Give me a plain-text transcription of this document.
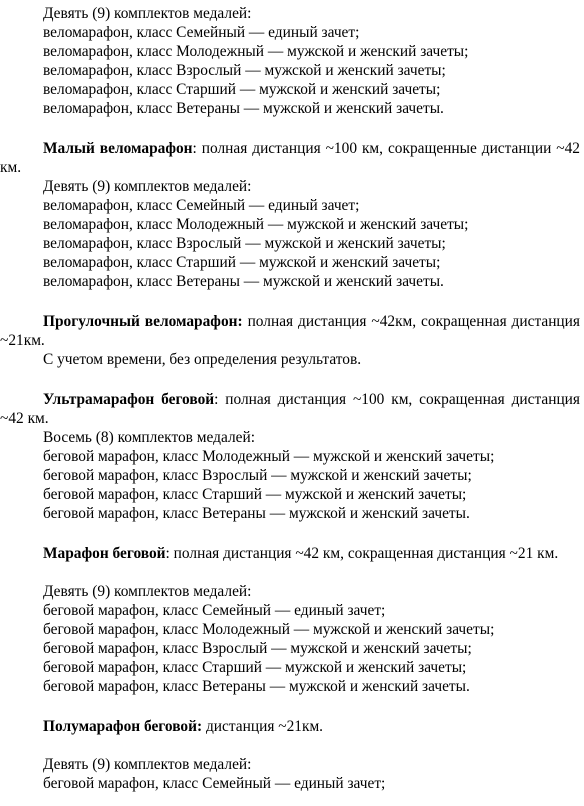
Девять (9) комплектов медалей:
веломарафон, класс Семейный — единый зачет;
веломарафон, класс Молодежный — мужской и женский зачеты;
веломарафон, класс Взрослый — мужской и женский зачеты;
веломарафон, класс Старший — мужской и женский зачеты;
веломарафон, класс Ветераны — мужской и женский зачеты.

Малый веломарафон: полная дистанция ~100 км, сокращенные дистанции ~42 км.

Девять (9) комплектов медалей:
веломарафон, класс Семейный — единый зачет;
веломарафон, класс Молодежный — мужской и женский зачеты;
веломарафон, класс Взрослый — мужской и женский зачеты;
веломарафон, класс Старший — мужской и женский зачеты;
веломарафон, класс Ветераны — мужской и женский зачеты.

Прогулочный веломарафон: полная дистанция ~42км, сокращенная дистанция ~21км.

С учетом времени, без определения результатов.

Ультрамарафон беговой: полная дистанция ~100 км, сокращенная дистанция ~42 км.

Восемь (8) комплектов медалей:
беговой марафон, класс Молодежный — мужской и женский зачеты;
беговой марафон, класс Взрослый — мужской и женский зачеты;
беговой марафон, класс Старший — мужской и женский зачеты;
беговой марафон, класс Ветераны — мужской и женский зачеты.

Марафон беговой: полная дистанция ~42 км, сокращенная дистанция ~21 км.

Девять (9) комплектов медалей:
беговой марафон, класс Семейный — единый зачет;
беговой марафон, класс Молодежный — мужской и женский зачеты;
беговой марафон, класс Взрослый — мужской и женский зачеты;
беговой марафон, класс Старший — мужской и женский зачеты;
беговой марафон, класс Ветераны — мужской и женский зачеты.

Полумарафон беговой: дистанция ~21км.

Девять (9) комплектов медалей:
беговой марафон, класс Семейный — единый зачет;
